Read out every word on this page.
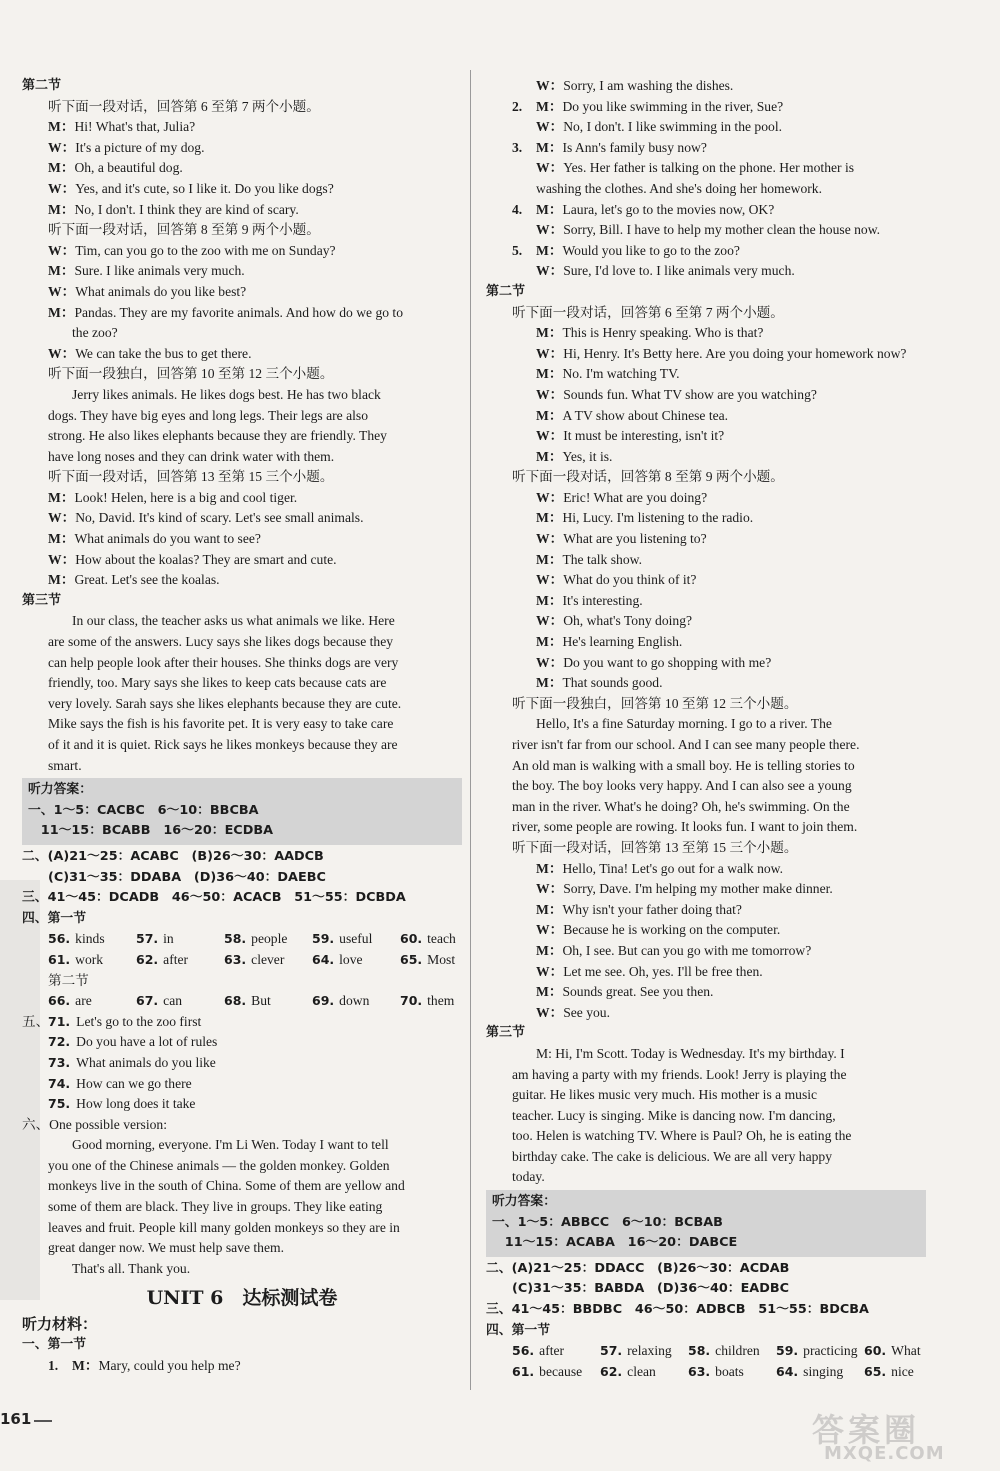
第二节
听下面一段对话，回答第 6 至第 7 两个小题。
M：Hi! What's that, Julia?
W：It's a picture of my dog.
M：Oh, a beautiful dog.
W：Yes, and it's cute, so I like it. Do you like dogs?
M：No, I don't. I think they are kind of scary.
听下面一段对话，回答第 8 至第 9 两个小题。
W：Tim, can you go to the zoo with me on Sunday?
M：Sure. I like animals very much.
W：What animals do you like best?
M：Pandas. They are my favorite animals. And how do we go to
the zoo?
W：We can take the bus to get there.
听下面一段独白，回答第 10 至第 12 三个小题。
Jerry likes animals. He likes dogs best. He has two black
dogs. They have big eyes and long legs. Their legs are also
strong. He also likes elephants because they are friendly. They
have long noses and they can drink water with them.
听下面一段对话，回答第 13 至第 15 三个小题。
M：Look! Helen, here is a big and cool tiger.
W：No, David. It's kind of scary. Let's see small animals.
M：What animals do you want to see?
W：How about the koalas? They are smart and cute.
M：Great. Let's see the koalas.
第三节
In our class, the teacher asks us what animals we like. Here
are some of the answers. Lucy says she likes dogs because they
can help people look after their houses. She thinks dogs are very
friendly, too. Mary says she likes to keep cats because cats are
very lovely. Sarah says she likes elephants because they are cute.
Mike says the fish is his favorite pet. It is very easy to take care
of it and it is quiet. Rick says he likes monkeys because they are
smart.
听力答案：
一、1～5：CACBC　6～10：BBCBA
　11～15：BCABB　16～20：ECDBA
二、(A)21～25：ACABC　(B)26～30：AADCB
(C)31～35：DDABA　(D)36～40：DAEBC
三、41～45：DCADB　46～50：ACACB　51～55：DCBDA
四、第一节
56. kinds	57. in	58. people 59. useful 60. teach
61. work	62. after	63. clever 64. love	65. Most
第二节
66. are	67. can	68. But	69. down 70. them
五、71. Let's go to the zoo first
72. Do you have a lot of rules
73. What animals do you like
74. How can we go there
75. How long does it take
六、One possible version:
Good morning, everyone. I'm Li Wen. Today I want to tell
you one of the Chinese animals — the golden monkey. Golden
monkeys live in the south of China. Some of them are yellow and
some of them are black. They live in groups. They like eating
leaves and fruit. People kill many golden monkeys so they are in
great danger now. We must help save them.
That's all. Thank you.
UNIT 6　达标测试卷
听力材料：
一、第一节
1. M：Mary, could you help me?
W：Sorry, I am washing the dishes.
2. M：Do you like swimming in the river, Sue?
W：No, I don't. I like swimming in the pool.
3. M：Is Ann's family busy now?
W：Yes. Her father is talking on the phone. Her mother is
washing the clothes. And she's doing her homework.
4. M：Laura, let's go to the movies now, OK?
W：Sorry, Bill. I have to help my mother clean the house now.
5. M：Would you like to go to the zoo?
W：Sure, I'd love to. I like animals very much.
第二节
听下面一段对话，回答第 6 至第 7 两个小题。
M：This is Henry speaking. Who is that?
W：Hi, Henry. It's Betty here. Are you doing your homework now?
M：No. I'm watching TV.
W：Sounds fun. What TV show are you watching?
M：A TV show about Chinese tea.
W：It must be interesting, isn't it?
M：Yes, it is.
听下面一段对话，回答第 8 至第 9 两个小题。
W：Eric! What are you doing?
M：Hi, Lucy. I'm listening to the radio.
W：What are you listening to?
M：The talk show.
W：What do you think of it?
M：It's interesting.
W：Oh, what's Tony doing?
M：He's learning English.
W：Do you want to go shopping with me?
M：That sounds good.
听下面一段独白，回答第 10 至第 12 三个小题。
Hello, It's a fine Saturday morning. I go to a river. The
river isn't far from our school. And I can see many people there.
An old man is walking with a small boy. He is telling stories to
the boy. The boy looks very happy. And I can also see a young
man in the river. What's he doing? Oh, he's swimming. On the
river, some people are rowing. It looks fun. I want to join them.
听下面一段对话，回答第 13 至第 15 三个小题。
M：Hello, Tina! Let's go out for a walk now.
W：Sorry, Dave. I'm helping my mother make dinner.
M：Why isn't your father doing that?
W：Because he is working on the computer.
M：Oh, I see. But can you go with me tomorrow?
W：Let me see. Oh, yes. I'll be free then.
M：Sounds great. See you then.
W：See you.
第三节
M: Hi, I'm Scott. Today is Wednesday. It's my birthday. I
am having a party with my friends. Look! Jerry is playing the
guitar. He likes music very much. His mother is a music
teacher. Lucy is singing. Mike is dancing now. I'm dancing,
too. Helen is watching TV. Where is Paul? Oh, he is eating the
birthday cake. The cake is delicious. We are all very happy
today.
听力答案：
一、1～5：ABBCC　6～10：BCBAB
　11～15：ACABA　16～20：DABCE
二、(A)21～25：DDACC　(B)26～30：ACDAB
(C)31～35：BABDA　(D)36～40：EADBC
三、41～45：BBDBC　46～50：ADBCB　51～55：BDCBA
四、第一节
56. after	57. relaxing 58. children 59. practicing 60. What
61. because 62. clean	63. boats	64. singing 65. nice
161	答案圈
MXQE.COM
